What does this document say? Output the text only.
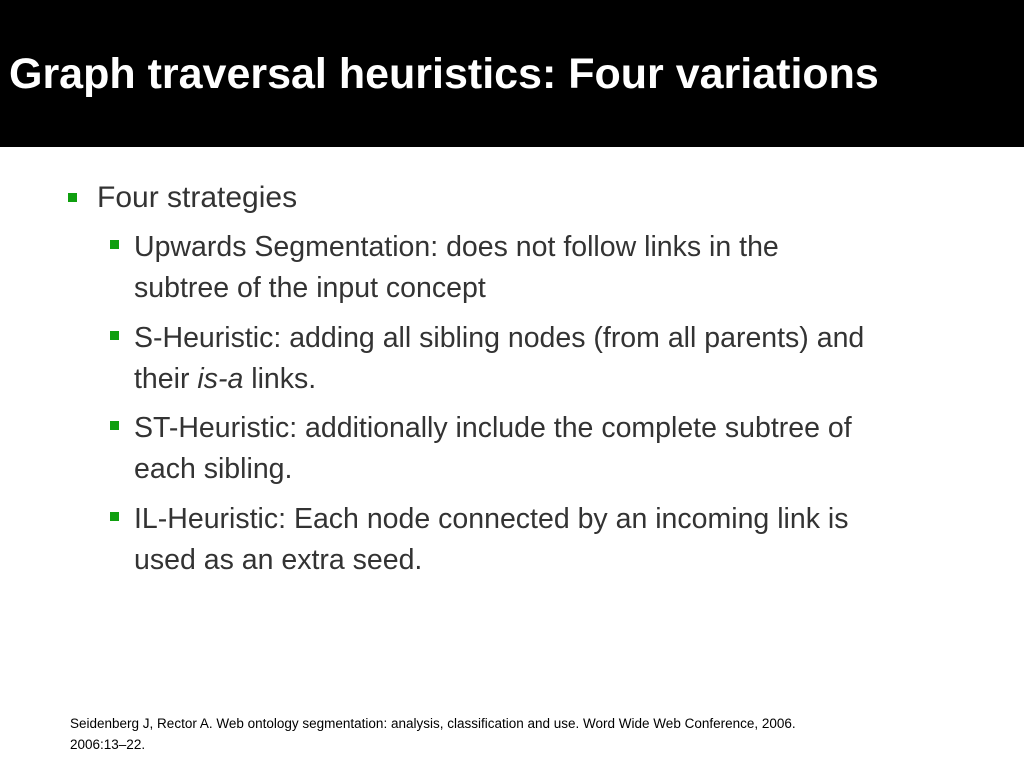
Graph traversal heuristics: Four variations
Four strategies
Upwards Segmentation: does not follow links in the
subtree of the input concept
S-Heuristic: adding all sibling nodes (from all parents) and
their is-a links.
ST-Heuristic: additionally include the complete subtree of
each sibling.
IL-Heuristic: Each node connected by an incoming link is
used as an extra seed.

Seidenberg J, Rector A. Web ontology segmentation: analysis, classification and use. Word Wide Web Conference, 2006.
2006:13–22.
